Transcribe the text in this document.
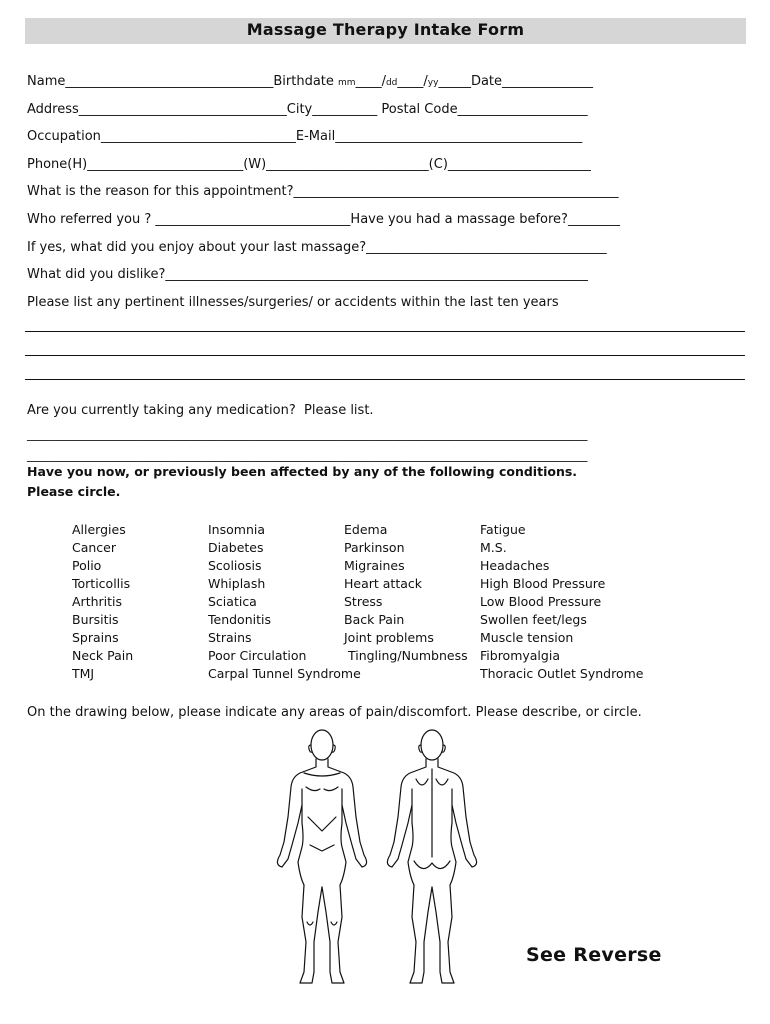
Massage Therapy Intake Form
Name________________________________Birthdate mm____/dd____/yy_____Date______________
Address________________________________City__________ Postal Code____________________
Occupation______________________________E-Mail______________________________________
Phone(H)________________________(W)_________________________(C)______________________
What is the reason for this appointment?__________________________________________________
Who referred you ? ______________________________Have you had a massage before?________
If yes, what did you enjoy about your last massage?_____________________________________
What did you dislike?_________________________________________________________________
Please list any pertinent illnesses/surgeries/ or accidents within the last ten years
Are you currently taking any medication?  Please list.
_________________________________________________________________________________________
_________________________________________________________________________________________
Have you now, or previously been affected by any of the following conditions.
Please circle.
Allergies
Cancer
Polio
Torticollis
Arthritis
Bursitis
Sprains
Neck Pain
TMJ
Insomnia
Diabetes
Scoliosis
Whiplash
Sciatica
Tendonitis
Strains
Poor Circulation
Carpal Tunnel Syndrome
Edema
Parkinson
Migraines
Heart attack
Stress
Back Pain
Joint problems
Tingling/Numbness
Fatigue
M.S.
Headaches
High Blood Pressure
Low Blood Pressure
Swollen feet/legs
Muscle tension
Fibromyalgia
Thoracic Outlet Syndrome
On the drawing below, please indicate any areas of pain/discomfort. Please describe, or circle.
See Reverse
